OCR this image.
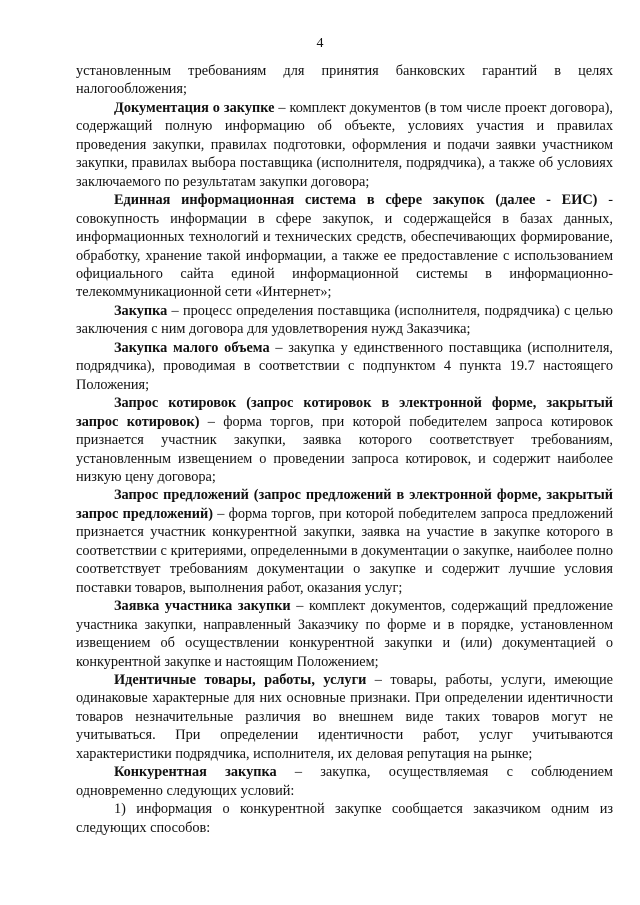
4

установленным требованиям для принятия банковских гарантий в целях налогообложения;

Документация о закупке – комплект документов (в том числе проект договора), содержащий полную информацию об объекте, условиях участия и правилах проведения закупки, правилах подготовки, оформления и подачи заявки участником закупки, правилах выбора поставщика (исполнителя, подрядчика), а также об условиях заключаемого по результатам закупки договора;

Единная информационная система в сфере закупок (далее - ЕИС) - совокупность информации в сфере закупок, и содержащейся в базах данных, информационных технологий и технических средств, обеспечивающих формирование, обработку, хранение такой информации, а также ее предоставление с использованием официального сайта единой информационной системы в информационно-телекоммуникационной сети «Интернет»;

Закупка – процесс определения поставщика (исполнителя, подрядчика) с целью заключения с ним договора для удовлетворения нужд Заказчика;

Закупка малого объема – закупка у единственного поставщика (исполнителя, подрядчика), проводимая в соответствии с подпунктом 4 пункта 19.7 настоящего Положения;

Запрос котировок (запрос котировок в электронной форме, закрытый запрос котировок) – форма торгов, при которой победителем запроса котировок признается участник закупки, заявка которого соответствует требованиям, установленным извещением о проведении запроса котировок, и содержит наиболее низкую цену договора;

Запрос предложений (запрос предложений в электронной форме, закрытый запрос предложений) – форма торгов, при которой победителем запроса предложений признается участник конкурентной закупки, заявка на участие в закупке которого в соответствии с критериями, определенными в документации о закупке, наиболее полно соответствует требованиям документации о закупке и содержит лучшие условия поставки товаров, выполнения работ, оказания услуг;

Заявка участника закупки – комплект документов, содержащий предложение участника закупки, направленный Заказчику по форме и в порядке, установленном извещением об осуществлении конкурентной закупки и (или) документацией о конкурентной закупке и настоящим Положением;

Идентичные товары, работы, услуги – товары, работы, услуги, имеющие одинаковые характерные для них основные признаки. При определении идентичности товаров незначительные различия во внешнем виде таких товаров могут не учитываться. При определении идентичности работ, услуг учитываются характеристики подрядчика, исполнителя, их деловая репутация на рынке;

Конкурентная закупка – закупка, осуществляемая с соблюдением одновременно следующих условий:

1) информация о конкурентной закупке сообщается заказчиком одним из следующих способов:
